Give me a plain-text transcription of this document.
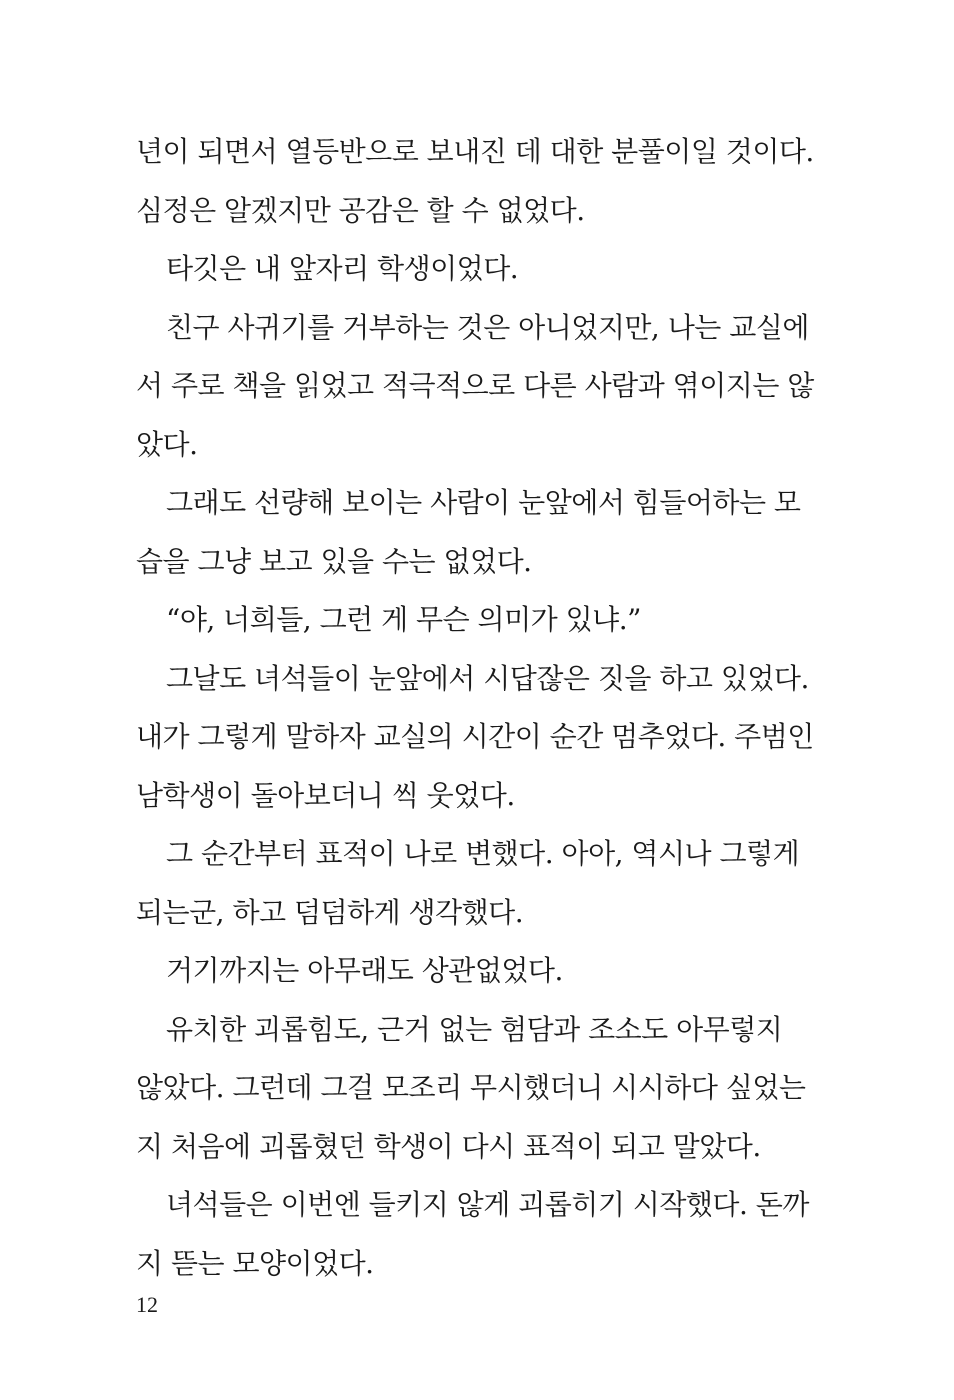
년이 되면서 열등반으로 보내진 데 대한 분풀이일 것이다.
심정은 알겠지만 공감은 할 수 없었다.
타깃은 내 앞자리 학생이었다.
친구 사귀기를 거부하는 것은 아니었지만, 나는 교실에
서 주로 책을 읽었고 적극적으로 다른 사람과 엮이지는 않
았다.
그래도 선량해 보이는 사람이 눈앞에서 힘들어하는 모
습을 그냥 보고 있을 수는 없었다.
“야, 너희들, 그런 게 무슨 의미가 있냐.”
그날도 녀석들이 눈앞에서 시답잖은 짓을 하고 있었다.
내가 그렇게 말하자 교실의 시간이 순간 멈추었다. 주범인
남학생이 돌아보더니 씩 웃었다.
그 순간부터 표적이 나로 변했다. 아아, 역시나 그렇게
되는군, 하고 덤덤하게 생각했다.
거기까지는 아무래도 상관없었다.
유치한 괴롭힘도, 근거 없는 험담과 조소도 아무렇지
않았다. 그런데 그걸 모조리 무시했더니 시시하다 싶었는
지 처음에 괴롭혔던 학생이 다시 표적이 되고 말았다.
녀석들은 이번엔 들키지 않게 괴롭히기 시작했다. 돈까
지 뜯는 모양이었다.
12
